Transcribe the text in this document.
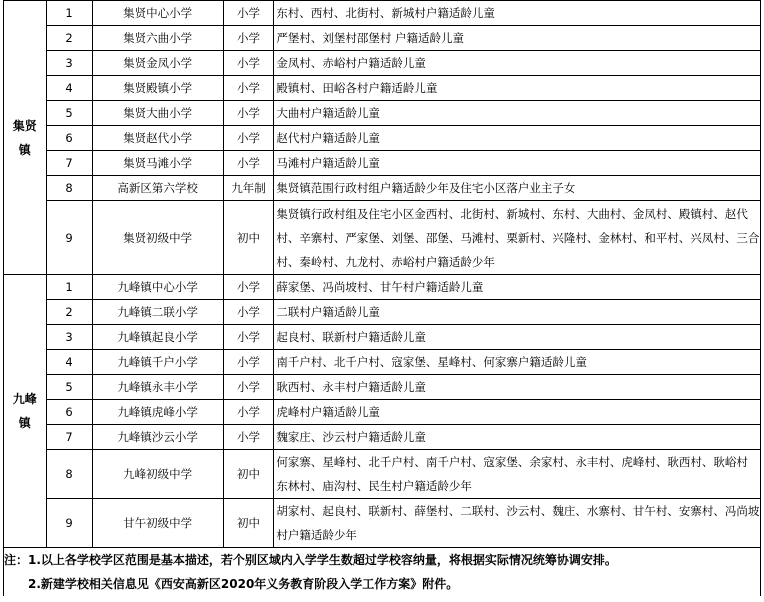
集贤镇	1	集贤中心小学	小学	东村、西村、北街村、新城村户籍适龄儿童
	2	集贤六曲小学	小学	严堡村、刘堡村邵堡村 户籍适龄儿童
	3	集贤金凤小学	小学	金凤村、赤峪村户籍适龄儿童
	4	集贤殿镇小学	小学	殿镇村、田峪各村户籍适龄儿童
	5	集贤大曲小学	小学	大曲村户籍适龄儿童
	6	集贤赵代小学	小学	赵代村户籍适龄儿童
	7	集贤马滩小学	小学	马滩村户籍适龄儿童
	8	高新区第六学校	九年制	集贤镇范围行政村组户籍适龄少年及住宅小区落户业主子女
	9	集贤初级中学	初中	集贤镇行政村组及住宅小区金西村、北街村、新城村、东村、大曲村、金凤村、殿镇村、赵代村、辛寨村、严家堡、刘堡、邵堡、马滩村、栗新村、兴隆村、金林村、和平村、兴凤村、三合村、秦岭村、九龙村、赤峪村户籍适龄少年
九峰镇	1	九峰镇中心小学	小学	薛家堡、冯尚坡村、甘午村户籍适龄儿童
	2	九峰镇二联小学	小学	二联村户籍适龄儿童
	3	九峰镇起良小学	小学	起良村、联新村户籍适龄儿童
	4	九峰镇千户小学	小学	南千户村、北千户村、寇家堡、星峰村、何家寨户籍适龄儿童
	5	九峰镇永丰小学	小学	耿西村、永丰村户籍适龄儿童
	6	九峰镇虎峰小学	小学	虎峰村户籍适龄儿童
	7	九峰镇沙云小学	小学	魏家庄、沙云村户籍适龄儿童
	8	九峰初级中学	初中	何家寨、星峰村、北千户村、南千户村、寇家堡、余家村、永丰村、虎峰村、耿西村、耿峪村 东林村、庙沟村、民生村户籍适龄少年
	9	甘午初级中学	初中	胡家村、起良村、联新村、薛堡村、二联村、沙云村、魏庄、水寨村、甘午村、安寨村、冯尚坡村户籍适龄少年

注：1.以上各学校学区范围是基本描述，若个别区域内入学学生数超过学校容纳量，将根据实际情况统筹协调安排。
2.新建学校相关信息见《西安高新区2020年义务教育阶段入学工作方案》附件。				
